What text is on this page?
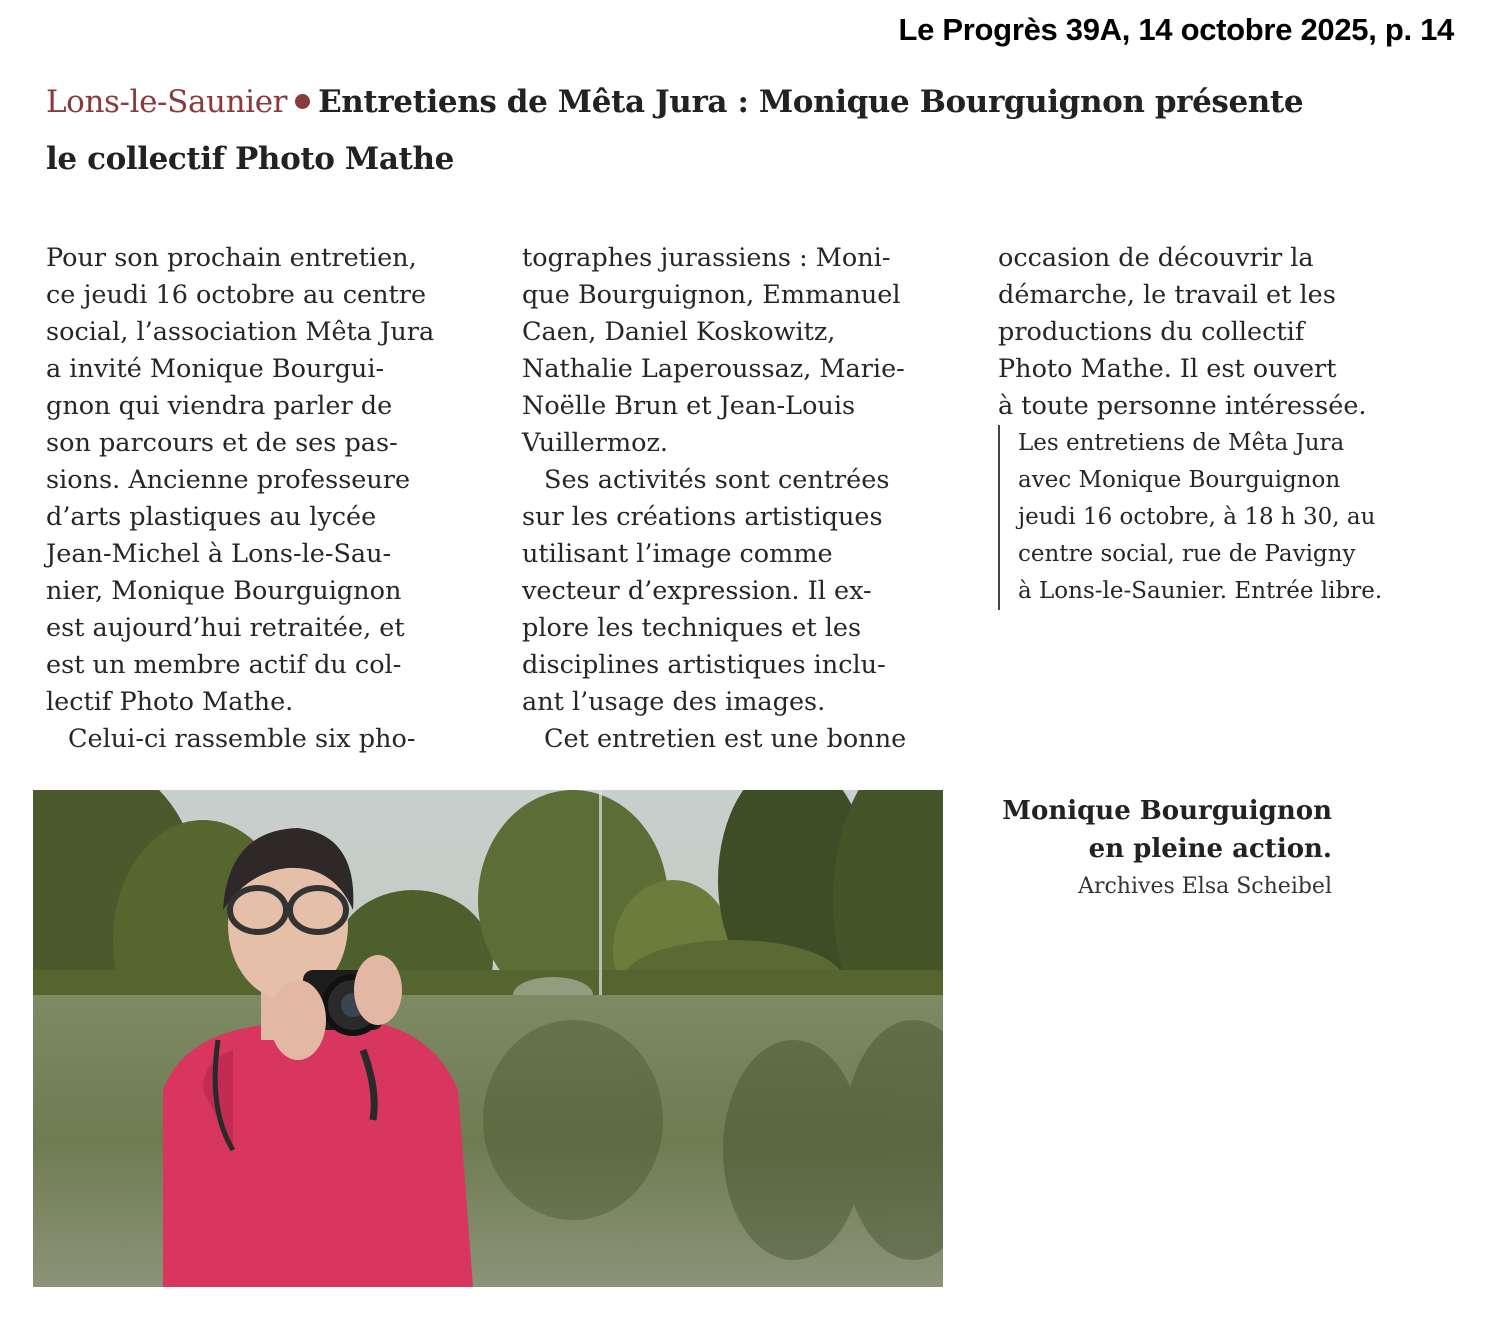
Le Progrès 39A, 14 octobre 2025, p. 14
Lons-le-Saunier Entretiens de Mêta Jura : Monique Bourguignon présente
le collectif Photo Mathe
Pour son prochain entretien,
ce jeudi 16 octobre au centre
social, l’association Mêta Jura
a invité Monique Bourgui-
gnon qui viendra parler de
son parcours et de ses pas-
sions. Ancienne professeure
d’arts plastiques au lycée
Jean-Michel à Lons-le-Sau-
nier, Monique Bourguignon
est aujourd’hui retraitée, et
est un membre actif du col-
lectif Photo Mathe.
Celui-ci rassemble six pho-
tographes jurassiens : Moni-
que Bourguignon, Emmanuel
Caen, Daniel Koskowitz,
Nathalie Laperoussaz, Marie-
Noëlle Brun et Jean-Louis
Vuillermoz.
Ses activités sont centrées
sur les créations artistiques
utilisant l’image comme
vecteur d’expression. Il ex-
plore les techniques et les
disciplines artistiques inclu-
ant l’usage des images.
Cet entretien est une bonne
occasion de découvrir la
démarche, le travail et les
productions du collectif
Photo Mathe. Il est ouvert
à toute personne intéressée.
Les entretiens de Mêta Jura
avec Monique Bourguignon
jeudi 16 octobre, à 18 h 30, au
centre social, rue de Pavigny
à Lons-le-Saunier. Entrée libre.
Monique Bourguignon
en pleine action.
Archives Elsa Scheibel
